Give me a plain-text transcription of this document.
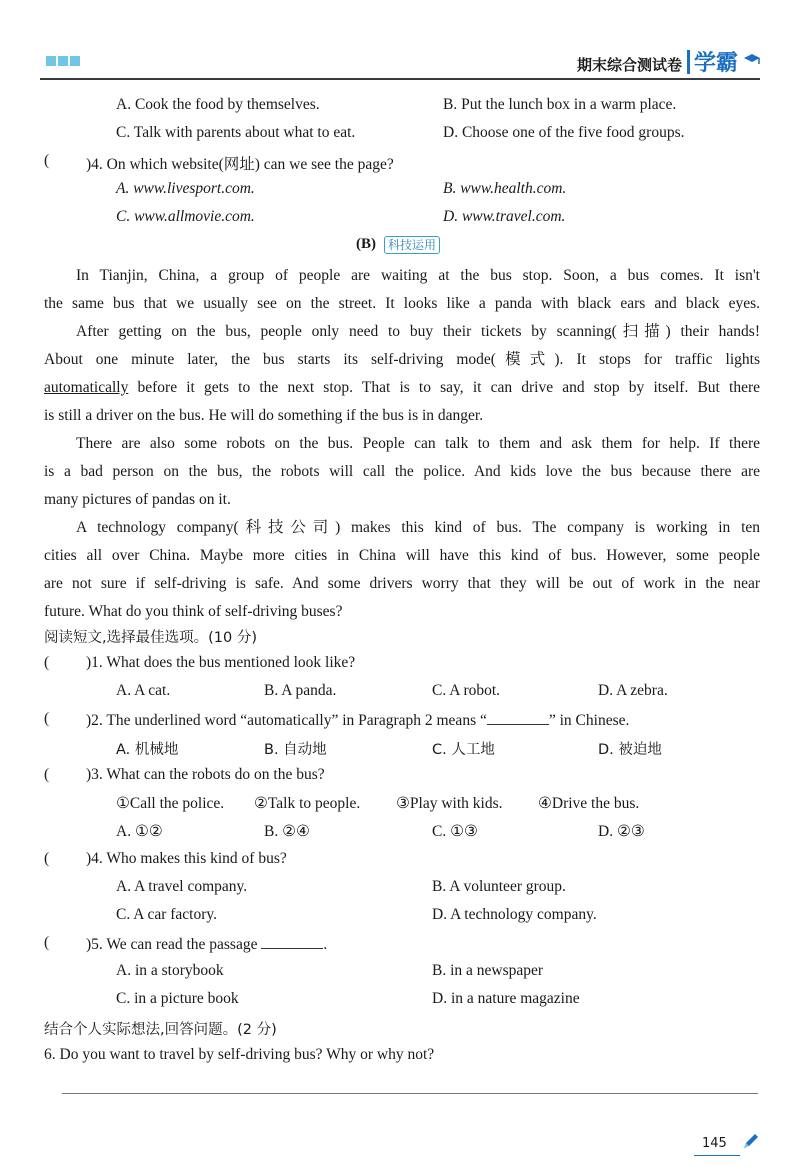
期末综合测试卷 学霸
A. Cook the food by themselves.	B. Put the lunch box in a warm place.
C. Talk with parents about what to eat.	D. Choose one of the five food groups.
( )4. On which website(网址) can we see the page?
A. www.livesport.com.	B. www.health.com.
C. www.allmovie.com.	D. www.travel.com.
(B)	科技运用
In Tianjin, China, a group of people are waiting at the bus stop. Soon, a bus comes. It isn't
the same bus that we usually see on the street. It looks like a panda with black ears and black eyes.
After getting on the bus, people only need to buy their tickets by scanning(扫描) their hands!
About one minute later, the bus starts its self-driving mode(模式). It stops for traffic lights
automatically before it gets to the next stop. That is to say, it can drive and stop by itself. But there
is still a driver on the bus. He will do something if the bus is in danger.
There are also some robots on the bus. People can talk to them and ask them for help. If there
is a bad person on the bus, the robots will call the police. And kids love the bus because there are
many pictures of pandas on it.
A technology company(科技公司) makes this kind of bus. The company is working in ten
cities all over China. Maybe more cities in China will have this kind of bus. However, some people
are not sure if self-driving is safe. And some drivers worry that they will be out of work in the near
future. What do you think of self-driving buses?
阅读短文,选择最佳选项。(10 分)
( )1. What does the bus mentioned look like?
A. A cat.	B. A panda.	C. A robot.	D. A zebra.
( )2. The underlined word “automatically” in Paragraph 2 means “	” in Chinese.
A. 机械地	B. 自动地	C. 人工地	D. 被迫地
( )3. What can the robots do on the bus?
①Call the police. ②Talk to people. ③Play with kids. ④Drive the bus.
A. ①②	B. ②④	C. ①③	D. ②③
( )4. Who makes this kind of bus?
A. A travel company.	B. A volunteer group.
C. A car factory.	D. A technology company.
( )5. We can read the passage	.
A. in a storybook	B. in a newspaper
C. in a picture book	D. in a nature magazine
结合个人实际想法,回答问题。(2 分)
6. Do you want to travel by self-driving bus? Why or why not?
145
